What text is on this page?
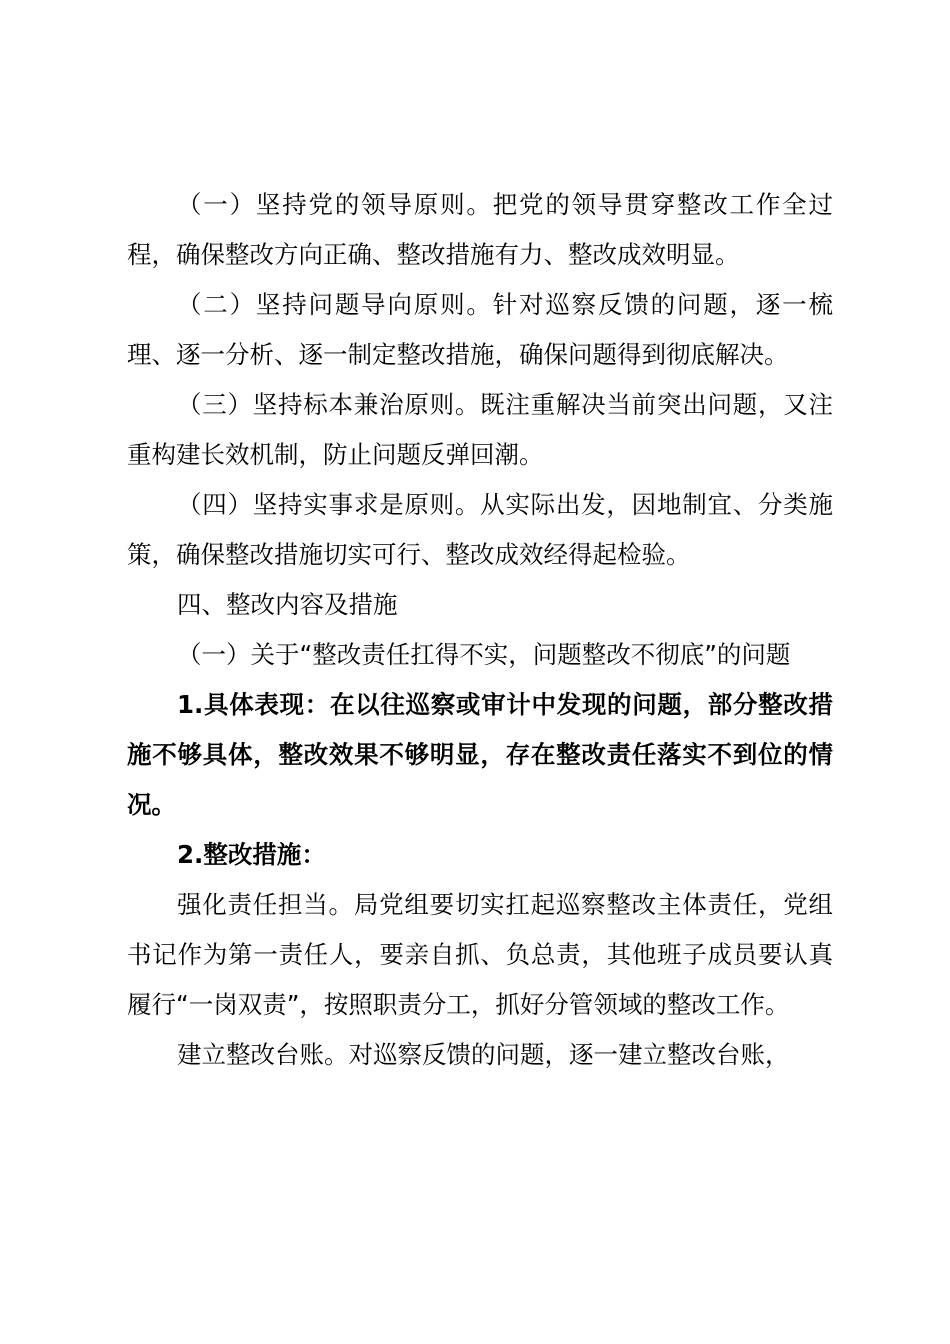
（一）坚持党的领导原则。把党的领导贯穿整改工作全过程，确保整改方向正确、整改措施有力、整改成效明显。

（二）坚持问题导向原则。针对巡察反馈的问题，逐一梳理、逐一分析、逐一制定整改措施，确保问题得到彻底解决。

（三）坚持标本兼治原则。既注重解决当前突出问题，又注重构建长效机制，防止问题反弹回潮。

（四）坚持实事求是原则。从实际出发，因地制宜、分类施策，确保整改措施切实可行、整改成效经得起检验。

四、整改内容及措施

（一）关于“整改责任扛得不实，问题整改不彻底”的问题

1.具体表现：在以往巡察或审计中发现的问题，部分整改措施不够具体，整改效果不够明显，存在整改责任落实不到位的情况。

2.整改措施：

强化责任担当。局党组要切实扛起巡察整改主体责任，党组书记作为第一责任人，要亲自抓、负总责，其他班子成员要认真履行“一岗双责”，按照职责分工，抓好分管领域的整改工作。

建立整改台账。对巡察反馈的问题，逐一建立整改台账，
